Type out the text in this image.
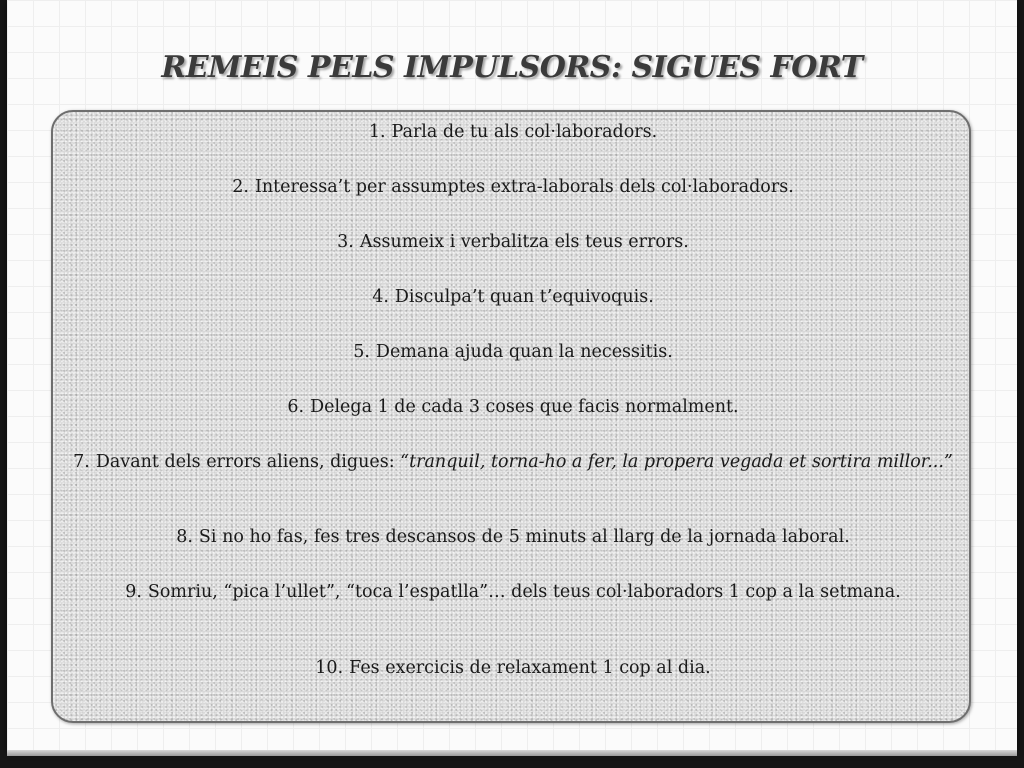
REMEIS PELS IMPULSORS: SIGUES FORT
1. Parla de tu als col·laboradors.
2. Interessa’t per assumptes extra-laborals dels col·laboradors.
3. Assumeix i verbalitza els teus errors.
4. Disculpa’t quan t’equivoquis.
5. Demana ajuda quan la necessitis.
6. Delega 1 de cada 3 coses que facis normalment.
7. Davant dels errors aliens, digues: “tranquil, torna-ho a fer, la propera vegada et sortira millor...”
8. Si no ho fas, fes tres descansos de 5 minuts al llarg de la jornada laboral.
9. Somriu, “pica l’ullet”, “toca l’espatlla”… dels teus col·laboradors 1 cop a la setmana.
10. Fes exercicis de relaxament 1 cop al dia.
